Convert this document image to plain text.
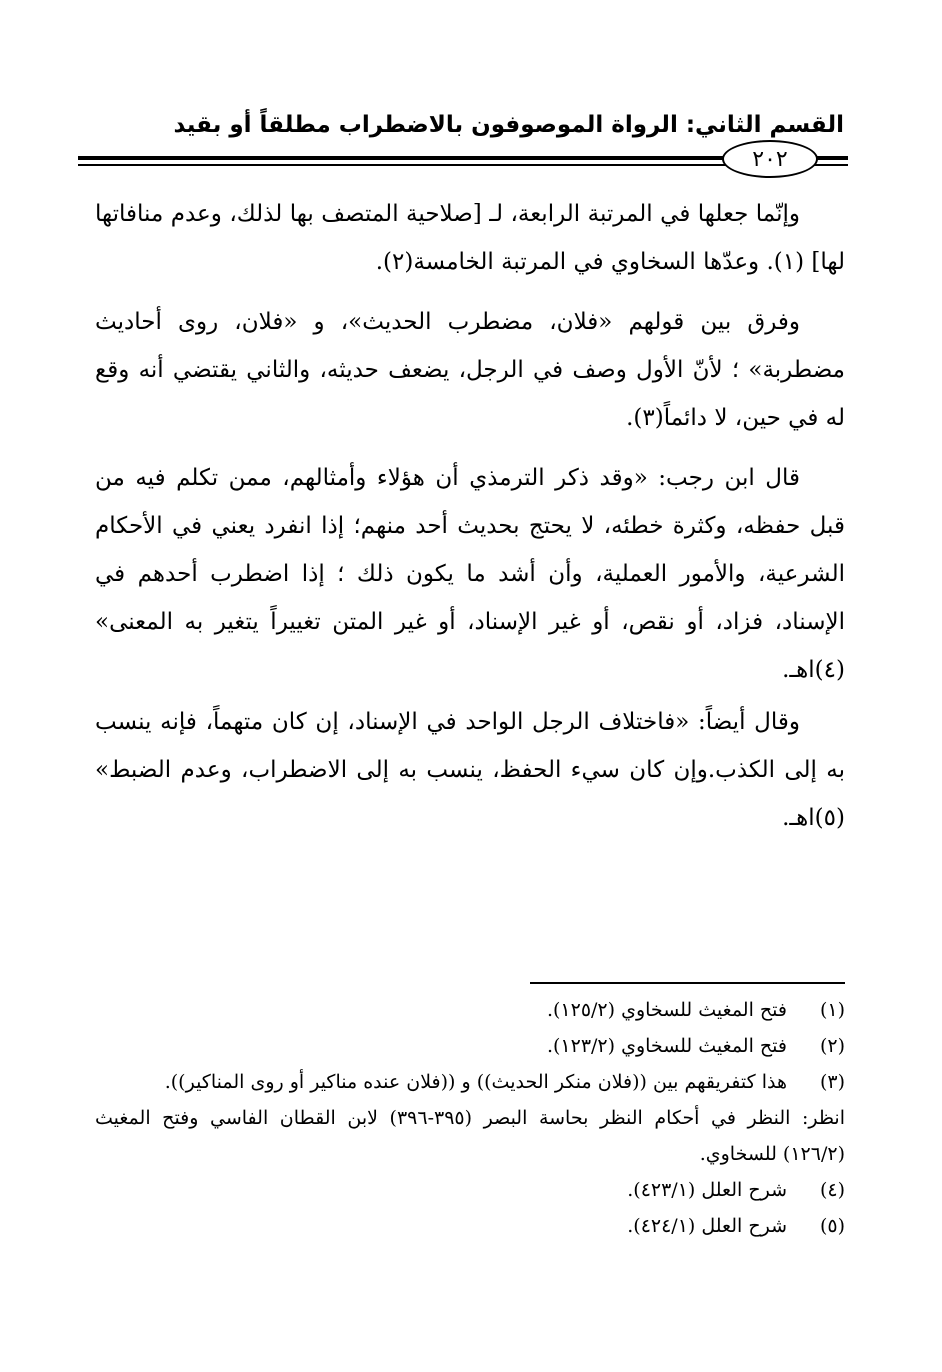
القسم الثاني: الرواة الموصوفون بالاضطراب مطلقاً أو بقيد
٢٠٢

وإنّما جعلها في المرتبة الرابعة، لـ [صلاحية المتصف بها لذلك، وعدم منافاتها لها] (١). وعدّها السخاوي في المرتبة الخامسة(٢).

وفرق بين قولهم «فلان، مضطرب الحديث»، و «فلان، روى أحاديث مضطربة» ؛ لأنّ الأول وصف في الرجل، يضعف حديثه، والثاني يقتضي أنه وقع له في حين، لا دائماً(٣).

قال ابن رجب: «وقد ذكر الترمذي أن هؤلاء وأمثالهم، ممن تكلم فيه من قبل حفظه، وكثرة خطئه، لا يحتج بحديث أحد منهم؛ إذا انفرد يعني في الأحكام الشرعية، والأمور العملية، وأن أشد ما يكون ذلك ؛ إذا اضطرب أحدهم في الإسناد، فزاد، أو نقص، أو غير الإسناد، أو غير المتن تغييراً يتغير به المعنى» (٤)اهـ.

وقال أيضاً: «فاختلاف الرجل الواحد في الإسناد، إن كان متهماً، فإنه ينسب به إلى الكذب.وإن كان سيء الحفظ، ينسب به إلى الاضطراب، وعدم الضبط» (٥)اهـ.

(١)
فتح المغيث للسخاوي (١٢٥/٢).
(٢)
فتح المغيث للسخاوي (١٢٣/٢).
(٣)
هذا كتفريقهم بين ((فلان منكر الحديث)) و ((فلان عنده مناكير أو روى المناكير)).
انظر: النظر في أحكام النظر بحاسة البصر (٣٩٥-٣٩٦) لابن القطان الفاسي وفتح المغيث (١٢٦/٢) للسخاوي.
(٤)
شرح العلل (٤٢٣/١).
(٥)
شرح العلل (٤٢٤/١).
